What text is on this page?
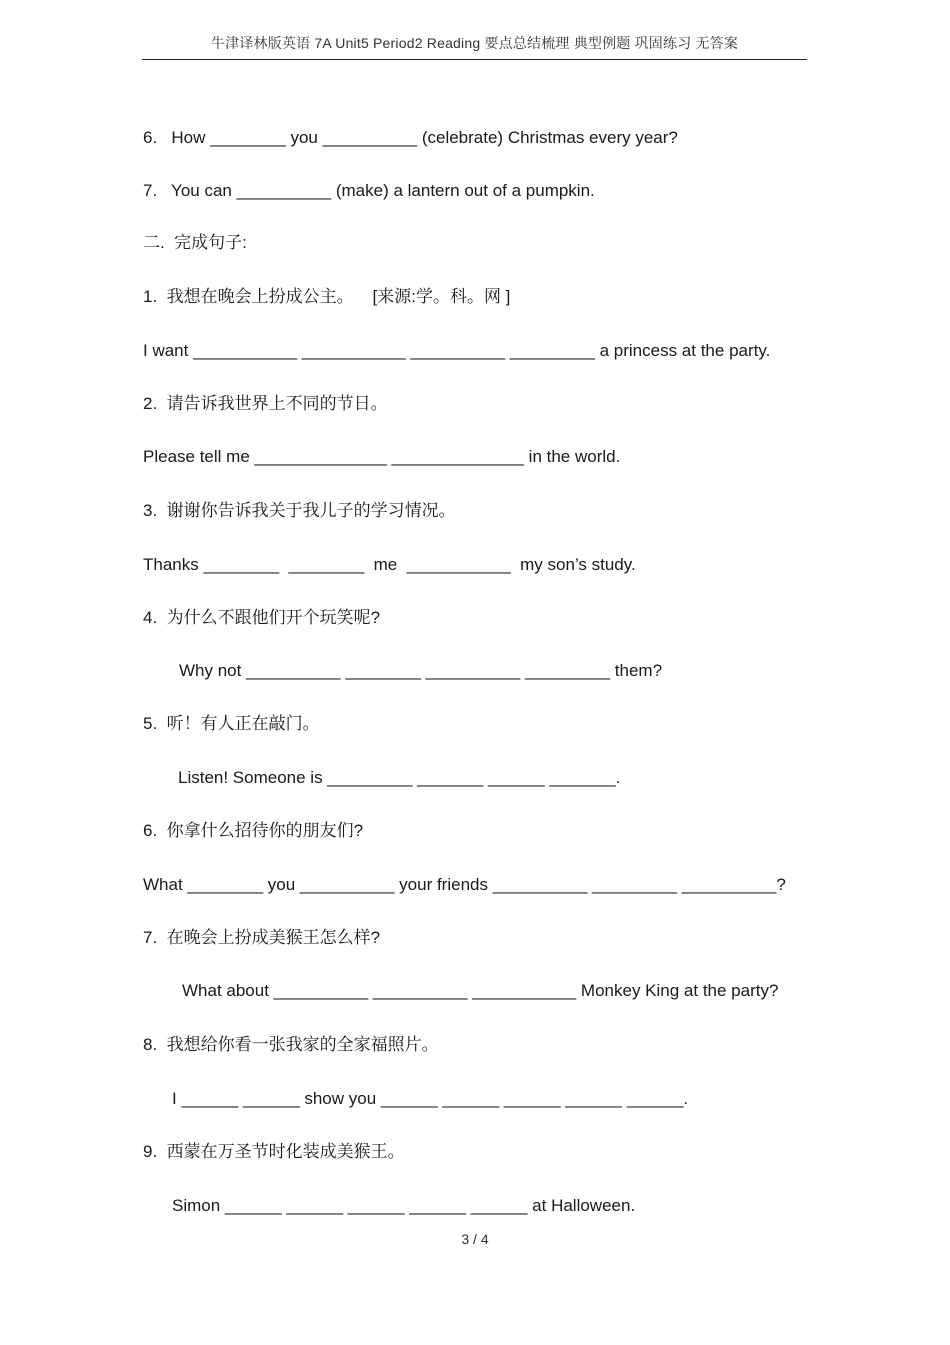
牛津译林版英语 7A Unit5 Period2 Reading 要点总结梳理 典型例题 巩固练习 无答案
6.   How ________ you __________ (celebrate) Christmas every year?
7.   You can __________ (make) a lantern out of a pumpkin.
二.  完成句子:
1.  我想在晚会上扮成公主。    [来源:学。科。网 ]
I want ___________ ___________ __________ _________ a princess at the party.
2.  请告诉我世界上不同的节日。
Please tell me ______________ ______________ in the world.
3.  谢谢你告诉我关于我儿子的学习情况。
Thanks ________  ________  me  ___________  my son’s study.
4.  为什么不跟他们开个玩笑呢?
Why not __________ ________ __________ _________ them?
5.  听！有人正在敲门。
Listen! Someone is _________ _______ ______ _______.
6.  你拿什么招待你的朋友们?
What ________ you __________ your friends __________ _________ __________?
7.  在晚会上扮成美猴王怎么样?
What about __________ __________ ___________ Monkey King at the party?
8.  我想给你看一张我家的全家福照片。
I ______ ______ show you ______ ______ ______ ______ ______.
9.  西蒙在万圣节时化装成美猴王。
Simon ______ ______ ______ ______ ______ at Halloween.
3 / 4
